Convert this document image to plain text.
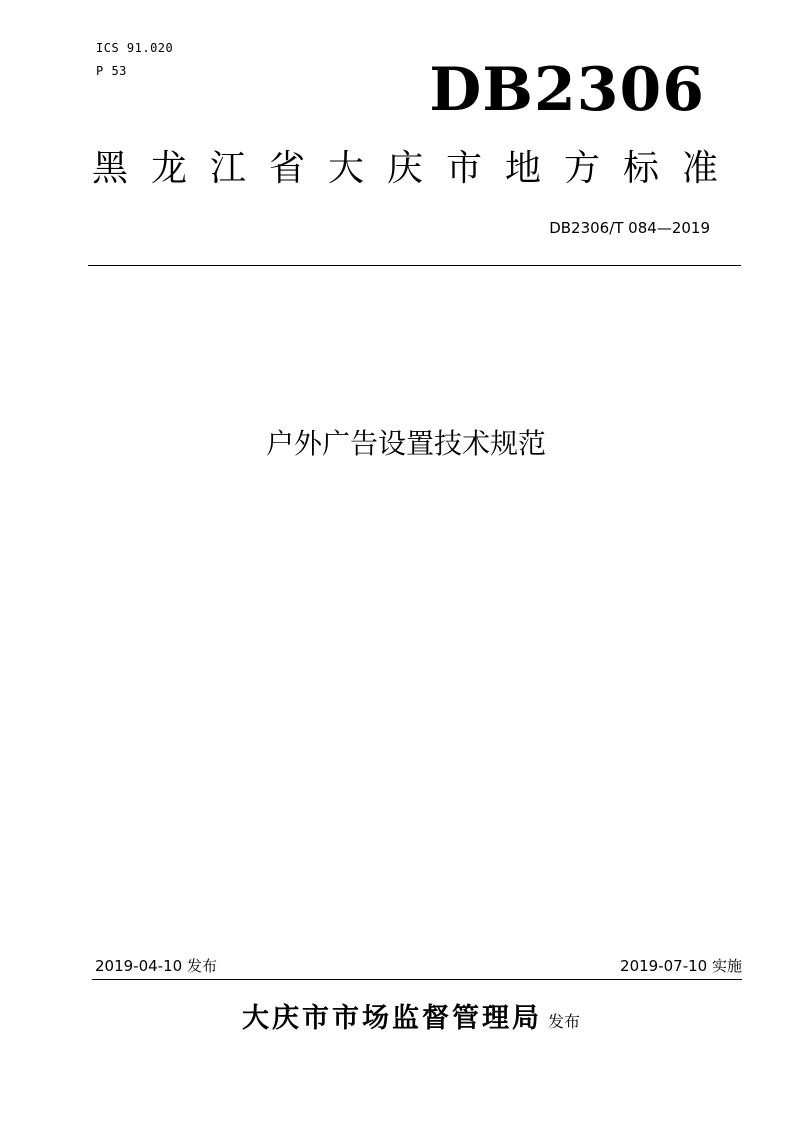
ICS 91.020
P 53	DB2306
黑龙江省大庆市地方标准
DB2306/T 084—2019
户外广告设置技术规范
2019-04-10 发布	2019-07-10 实施
大庆市市场监督管理局 发布
